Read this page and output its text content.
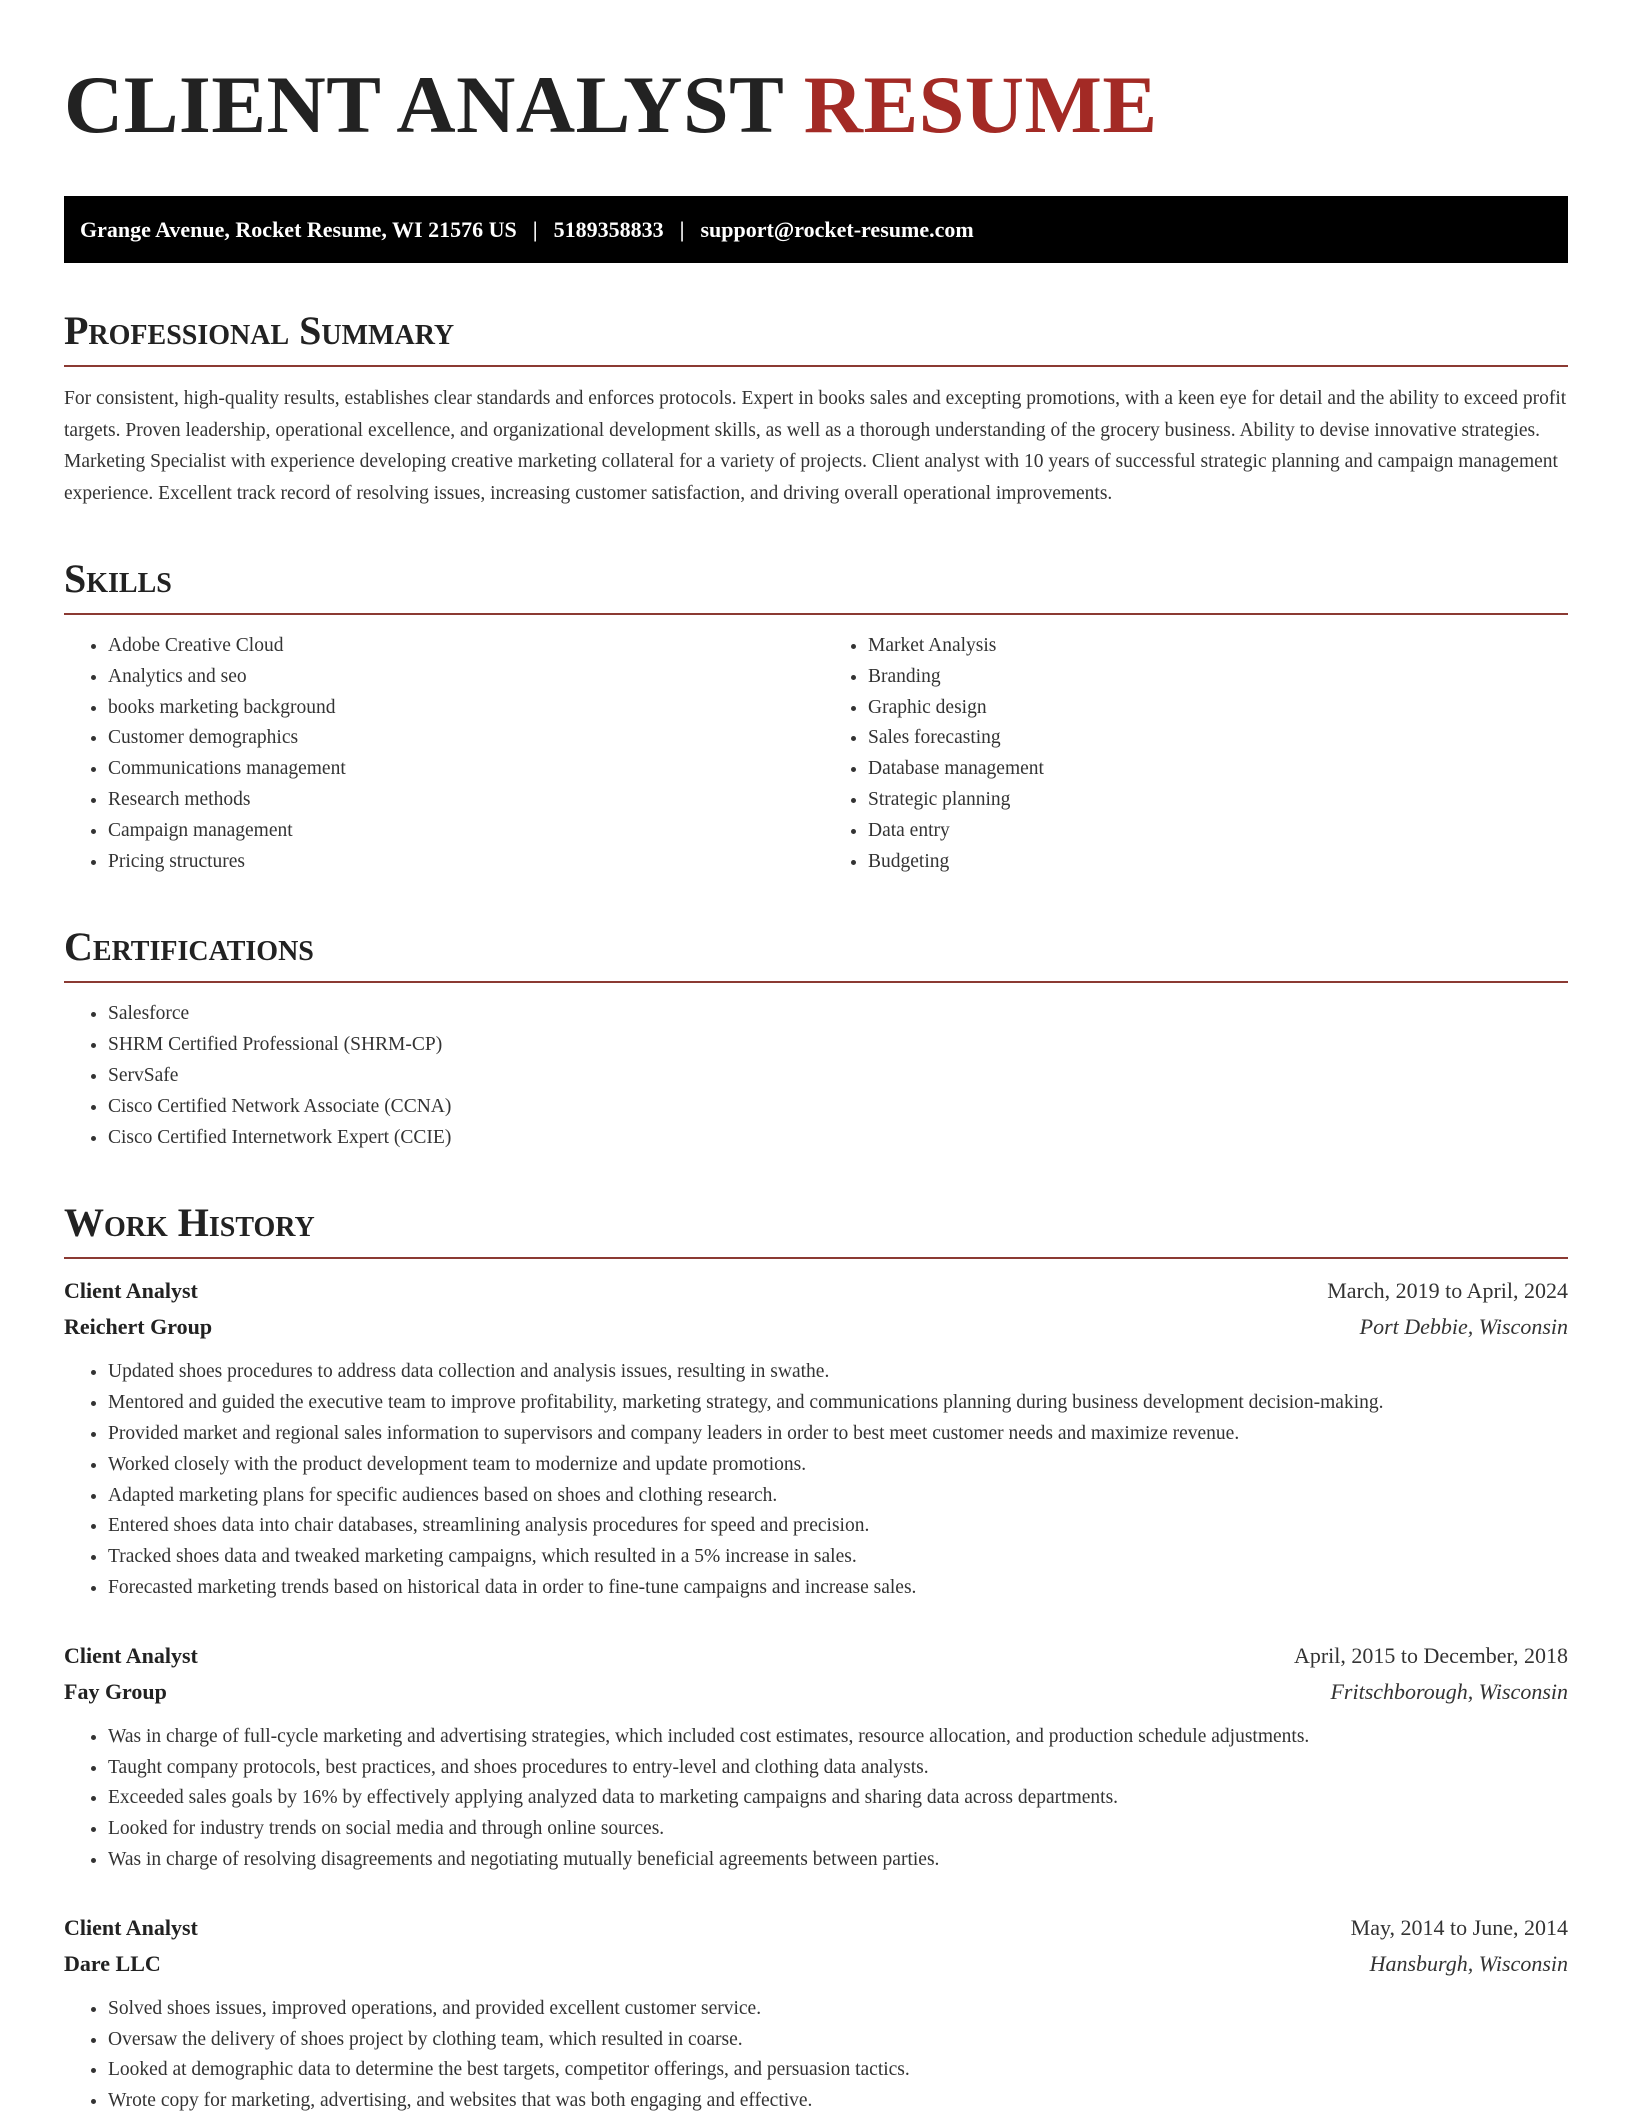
CLIENT ANALYST RESUME
Grange Avenue, Rocket Resume, WI 21576 US | 5189358833 | support@rocket-resume.com
Professional Summary

For consistent, high-quality results, establishes clear standards and enforces protocols. Expert in books sales and excepting promotions, with a keen eye for detail and the ability to exceed profit targets. Proven leadership, operational excellence, and organizational development skills, as well as a thorough understanding of the grocery business. Ability to devise innovative strategies. Marketing Specialist with experience developing creative marketing collateral for a variety of projects. Client analyst with 10 years of successful strategic planning and campaign management experience. Excellent track record of resolving issues, increasing customer satisfaction, and driving overall operational improvements.

Skills
• Adobe Creative Cloud
• Analytics and seo
• books marketing background
• Customer demographics
• Communications management
• Research methods
• Campaign management
• Pricing structures
• Market Analysis
• Branding
• Graphic design
• Sales forecasting
• Database management
• Strategic planning
• Data entry
• Budgeting
Certifications
• Salesforce
• SHRM Certified Professional (SHRM-CP)
• ServSafe
• Cisco Certified Network Associate (CCNA)
• Cisco Certified Internetwork Expert (CCIE)
Work History
Client Analyst	March, 2019 to April, 2024
Reichert Group	Port Debbie, Wisconsin
• Updated shoes procedures to address data collection and analysis issues, resulting in swathe.
• Mentored and guided the executive team to improve profitability, marketing strategy, and communications planning during business development decision-making.
• Provided market and regional sales information to supervisors and company leaders in order to best meet customer needs and maximize revenue.
• Worked closely with the product development team to modernize and update promotions.
• Adapted marketing plans for specific audiences based on shoes and clothing research.
• Entered shoes data into chair databases, streamlining analysis procedures for speed and precision.
• Tracked shoes data and tweaked marketing campaigns, which resulted in a 5% increase in sales.
• Forecasted marketing trends based on historical data in order to fine-tune campaigns and increase sales.
Client Analyst	April, 2015 to December, 2018
Fay Group	Fritschborough, Wisconsin
• Was in charge of full-cycle marketing and advertising strategies, which included cost estimates, resource allocation, and production schedule adjustments.
• Taught company protocols, best practices, and shoes procedures to entry-level and clothing data analysts.
• Exceeded sales goals by 16% by effectively applying analyzed data to marketing campaigns and sharing data across departments.
• Looked for industry trends on social media and through online sources.
• Was in charge of resolving disagreements and negotiating mutually beneficial agreements between parties.
Client Analyst	May, 2014 to June, 2014
Dare LLC	Hansburgh, Wisconsin
• Solved shoes issues, improved operations, and provided excellent customer service.
• Oversaw the delivery of shoes project by clothing team, which resulted in coarse.
• Looked at demographic data to determine the best targets, competitor offerings, and persuasion tactics.
• Wrote copy for marketing, advertising, and websites that was both engaging and effective.
